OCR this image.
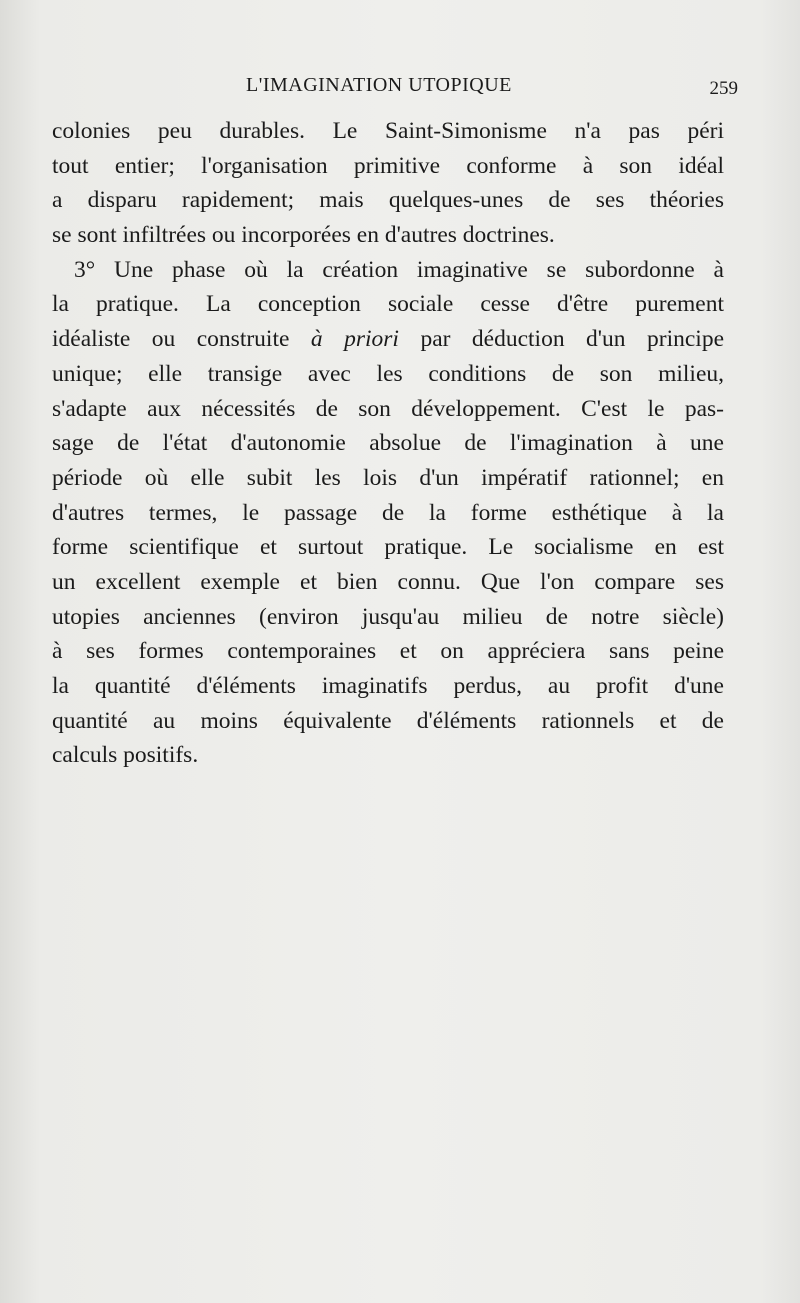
L'IMAGINATION UTOPIQUE	259
colonies peu durables. Le Saint-Simonisme n'a pas péri
tout entier; l'organisation primitive conforme à son idéal
a disparu rapidement; mais quelques-unes de ses théories
se sont infiltrées ou incorporées en d'autres doctrines.
3° Une phase où la création imaginative se subordonne à
la pratique. La conception sociale cesse d'être purement
idéaliste ou construite à priori par déduction d'un principe
unique; elle transige avec les conditions de son milieu,
s'adapte aux nécessités de son développement. C'est le pas-
sage de l'état d'autonomie absolue de l'imagination à une
période où elle subit les lois d'un impératif rationnel; en
d'autres termes, le passage de la forme esthétique à la
forme scientifique et surtout pratique. Le socialisme en est
un excellent exemple et bien connu. Que l'on compare ses
utopies anciennes (environ jusqu'au milieu de notre siècle)
à ses formes contemporaines et on appréciera sans peine
la quantité d'éléments imaginatifs perdus, au profit d'une
quantité au moins équivalente d'éléments rationnels et de
calculs positifs.
